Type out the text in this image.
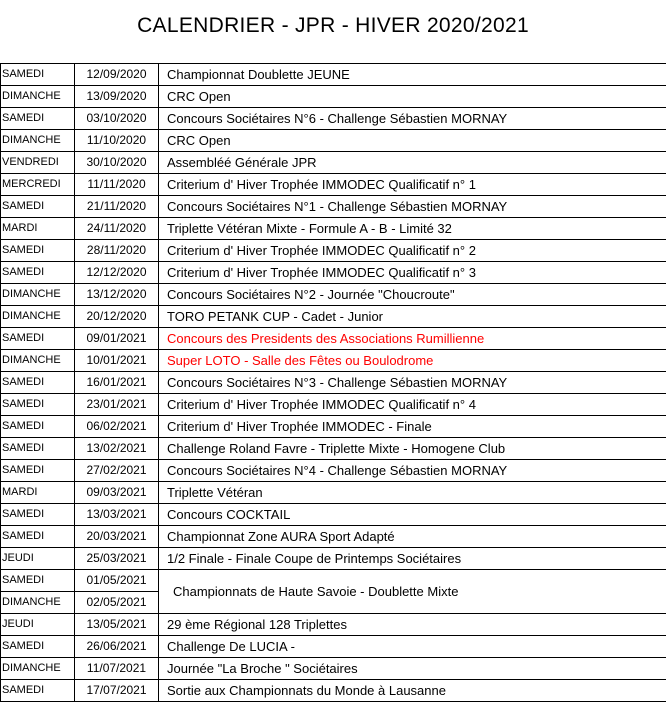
CALENDRIER - JPR - HIVER 2020/2021
SAMEDI	12/09/2020	Championnat Doublette JEUNE
DIMANCHE	13/09/2020	CRC Open
SAMEDI	03/10/2020	Concours Sociétaires N°6 - Challenge Sébastien MORNAY
DIMANCHE	11/10/2020	CRC Open
VENDREDI	30/10/2020	Assembléé Générale JPR
MERCREDI	11/11/2020	Criterium d' Hiver Trophée IMMODEC Qualificatif n° 1
SAMEDI	21/11/2020	Concours Sociétaires N°1 - Challenge Sébastien MORNAY
MARDI	24/11/2020	Triplette Vétéran Mixte - Formule A - B - Limité 32
SAMEDI	28/11/2020	Criterium d' Hiver Trophée IMMODEC Qualificatif n° 2
SAMEDI	12/12/2020	Criterium d' Hiver Trophée IMMODEC Qualificatif n° 3
DIMANCHE	13/12/2020	Concours Sociétaires N°2 - Journée "Choucroute"
DIMANCHE	20/12/2020	TORO PETANK CUP - Cadet - Junior
SAMEDI	09/01/2021	Concours des Presidents des Associations Rumillienne
DIMANCHE	10/01/2021	Super LOTO - Salle des Fêtes ou Boulodrome
SAMEDI	16/01/2021	Concours Sociétaires N°3 - Challenge Sébastien MORNAY
SAMEDI	23/01/2021	Criterium d' Hiver Trophée IMMODEC Qualificatif n° 4
SAMEDI	06/02/2021	Criterium d' Hiver Trophée IMMODEC - Finale
SAMEDI	13/02/2021	Challenge Roland Favre - Triplette Mixte - Homogene Club
SAMEDI	27/02/2021	Concours Sociétaires N°4 - Challenge Sébastien MORNAY
MARDI	09/03/2021	Triplette Vétéran
SAMEDI	13/03/2021	Concours COCKTAIL
SAMEDI	20/03/2021	Championnat Zone AURA Sport Adapté
JEUDI	25/03/2021	1/2 Finale - Finale Coupe de Printemps Sociétaires
SAMEDI	01/05/2021	Championnats de Haute Savoie - Doublette Mixte
DIMANCHE	02/05/2021	
JEUDI	13/05/2021	29 ème Régional 128 Triplettes
SAMEDI	26/06/2021	Challenge De LUCIA -
DIMANCHE	11/07/2021	Journée "La Broche " Sociétaires
SAMEDI	17/07/2021	Sortie aux Championnats du Monde à Lausanne
